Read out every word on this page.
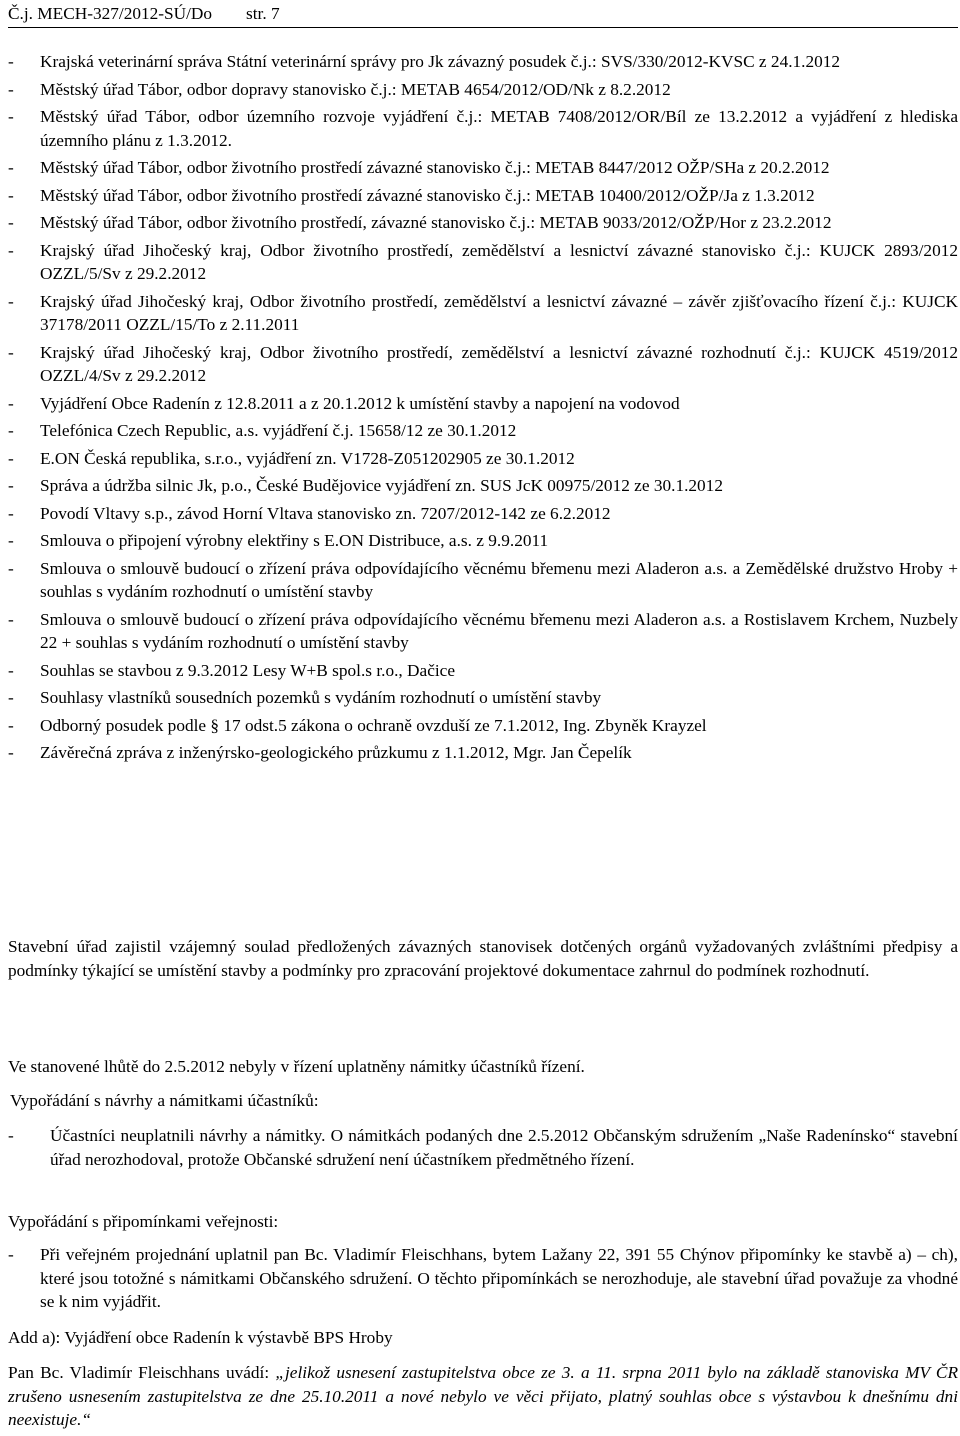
Č.j. MECH-327/2012-SÚ/Do str. 7
- Krajská veterinární správa Státní veterinární správy pro Jk závazný posudek č.j.: SVS/330/2012-KVSC z 24.1.2012
- Městský úřad Tábor, odbor dopravy stanovisko č.j.: METAB 4654/2012/OD/Nk z 8.2.2012
- Městský úřad Tábor, odbor územního rozvoje vyjádření č.j.: METAB 7408/2012/OR/Bíl ze 13.2.2012 a vyjádření z hlediska územního plánu z 1.3.2012.
- Městský úřad Tábor, odbor životního prostředí závazné stanovisko č.j.: METAB 8447/2012 OŽP/SHa z 20.2.2012
- Městský úřad Tábor, odbor životního prostředí závazné stanovisko č.j.: METAB 10400/2012/OŽP/Ja z 1.3.2012
- Městský úřad Tábor, odbor životního prostředí, závazné stanovisko č.j.: METAB 9033/2012/OŽP/Hor z 23.2.2012
- Krajský úřad Jihočeský kraj, Odbor životního prostředí, zemědělství a lesnictví závazné stanovisko č.j.: KUJCK 2893/2012 OZZL/5/Sv z 29.2.2012
- Krajský úřad Jihočeský kraj, Odbor životního prostředí, zemědělství a lesnictví závazné – závěr zjišťovacího řízení č.j.: KUJCK 37178/2011 OZZL/15/To z 2.11.2011
- Krajský úřad Jihočeský kraj, Odbor životního prostředí, zemědělství a lesnictví závazné rozhodnutí č.j.: KUJCK 4519/2012 OZZL/4/Sv z 29.2.2012
- Vyjádření Obce Radenín z 12.8.2011 a z 20.1.2012 k umístění stavby a napojení na vodovod
- Telefónica Czech Republic, a.s. vyjádření č.j. 15658/12 ze 30.1.2012
- E.ON Česká republika, s.r.o., vyjádření zn. V1728-Z051202905 ze 30.1.2012
- Správa a údržba silnic Jk, p.o., České Budějovice vyjádření zn. SUS JcK 00975/2012 ze 30.1.2012
- Povodí Vltavy s.p., závod Horní Vltava stanovisko zn. 7207/2012-142 ze 6.2.2012
- Smlouva o připojení výrobny elektřiny s E.ON Distribuce, a.s. z 9.9.2011
- Smlouva o smlouvě budoucí o zřízení práva odpovídajícího věcnému břemenu mezi Aladeron a.s. a Zemědělské družstvo Hroby + souhlas s vydáním rozhodnutí o umístění stavby
- Smlouva o smlouvě budoucí o zřízení práva odpovídajícího věcnému břemenu mezi Aladeron a.s. a Rostislavem Krchem, Nuzbely 22 + souhlas s vydáním rozhodnutí o umístění stavby
- Souhlas se stavbou z 9.3.2012 Lesy W+B spol.s r.o., Dačice
- Souhlasy vlastníků sousedních pozemků s vydáním rozhodnutí o umístění stavby
- Odborný posudek podle § 17 odst.5 zákona o ochraně ovzduší ze 7.1.2012, Ing. Zbyněk Krayzel
- Závěrečná zpráva z inženýrsko-geologického průzkumu z 1.1.2012, Mgr. Jan Čepelík
Stavební úřad zajistil vzájemný soulad předložených závazných stanovisek dotčených orgánů vyžadovaných zvláštními předpisy a podmínky týkající se umístění stavby a podmínky pro zpracování projektové dokumentace zahrnul do podmínek rozhodnutí.
Ve stanovené lhůtě do 2.5.2012 nebyly v řízení uplatněny námitky účastníků řízení.
Vypořádání s návrhy a námitkami účastníků:
-	Účastníci neuplatnili návrhy a námitky. O námitkách podaných dne 2.5.2012 Občanským sdružením „Naše Radenínsko“ stavební úřad nerozhodoval, protože Občanské sdružení není účastníkem předmětného řízení.
Vypořádání s připomínkami veřejnosti:
- Při veřejném projednání uplatnil pan Bc. Vladimír Fleischhans, bytem Lažany 22, 391 55 Chýnov připomínky ke stavbě a) – ch), které jsou totožné s námitkami Občanského sdružení. O těchto připomínkách se nerozhoduje, ale stavební úřad považuje za vhodné se k nim vyjádřit.
Add a): Vyjádření obce Radenín k výstavbě BPS Hroby
Pan Bc. Vladimír Fleischhans uvádí: „jelikož usnesení zastupitelstva obce ze 3. a 11. srpna 2011 bylo na základě stanoviska MV ČR zrušeno usnesením zastupitelstva ze dne 25.10.2011 a nové nebylo ve věci přijato, platný souhlas obce s výstavbou k dnešnímu dni neexistuje.“
